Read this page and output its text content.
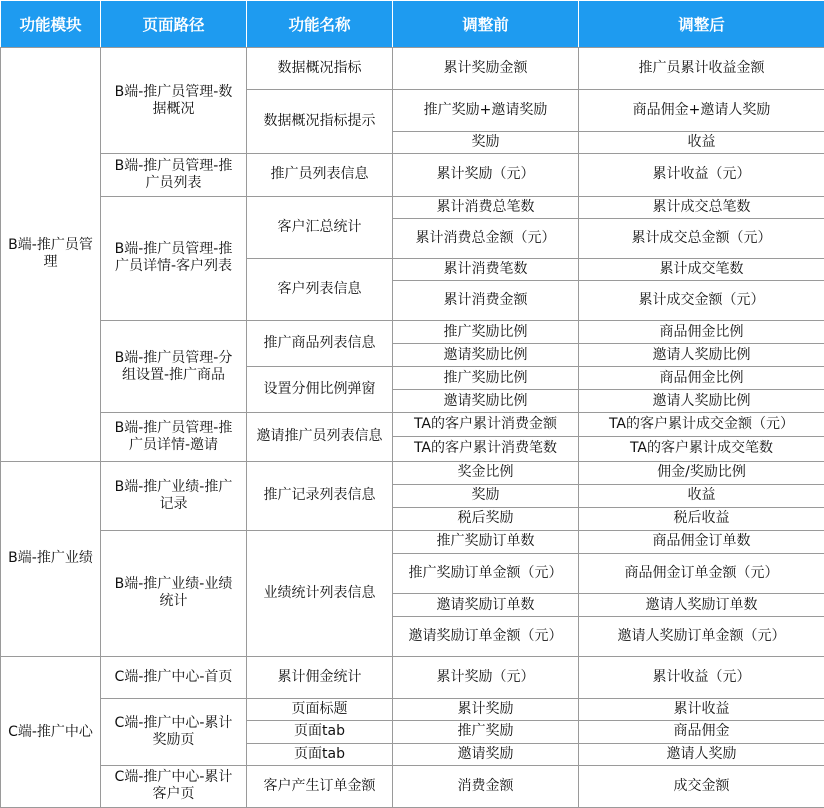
功能模块	页面路径	功能名称	调整前	调整后
B端-推广员管理	B端-推广员管理-数据概况	数据概况指标	累计奖励金额	推广员累计收益金额
		数据概况指标提示	推广奖励+邀请奖励	商品佣金+邀请人奖励
			奖励	收益
	B端-推广员管理-推广员列表	推广员列表信息	累计奖励（元）	累计收益（元）
	B端-推广员管理-推广员详情-客户列表	客户汇总统计	累计消费总笔数	累计成交总笔数
			累计消费总金额（元）	累计成交总金额（元）
		客户列表信息	累计消费笔数	累计成交笔数
			累计消费金额	累计成交金额（元）
	B端-推广员管理-分组设置-推广商品	推广商品列表信息	推广奖励比例	商品佣金比例
			邀请奖励比例	邀请人奖励比例
		设置分佣比例弹窗	推广奖励比例	商品佣金比例
			邀请奖励比例	邀请人奖励比例
	B端-推广员管理-推广员详情-邀请	邀请推广员列表信息	TA的客户累计消费金额	TA的客户累计成交金额（元）
			TA的客户累计消费笔数	TA的客户累计成交笔数
B端-推广业绩	B端-推广业绩-推广记录	推广记录列表信息	奖金比例	佣金/奖励比例
			奖励	收益
			税后奖励	税后收益
	B端-推广业绩-业绩统计	业绩统计列表信息	推广奖励订单数	商品佣金订单数
			推广奖励订单金额（元）	商品佣金订单金额（元）
			邀请奖励订单数	邀请人奖励订单数
			邀请奖励订单金额（元）	邀请人奖励订单金额（元）
C端-推广中心	C端-推广中心-首页	累计佣金统计	累计奖励（元）	累计收益（元）
	C端-推广中心-累计奖励页	页面标题	累计奖励	累计收益
		页面tab	推广奖励	商品佣金
		页面tab	邀请奖励	邀请人奖励
	C端-推广中心-累计客户页	客户产生订单金额	消费金额	成交金额
